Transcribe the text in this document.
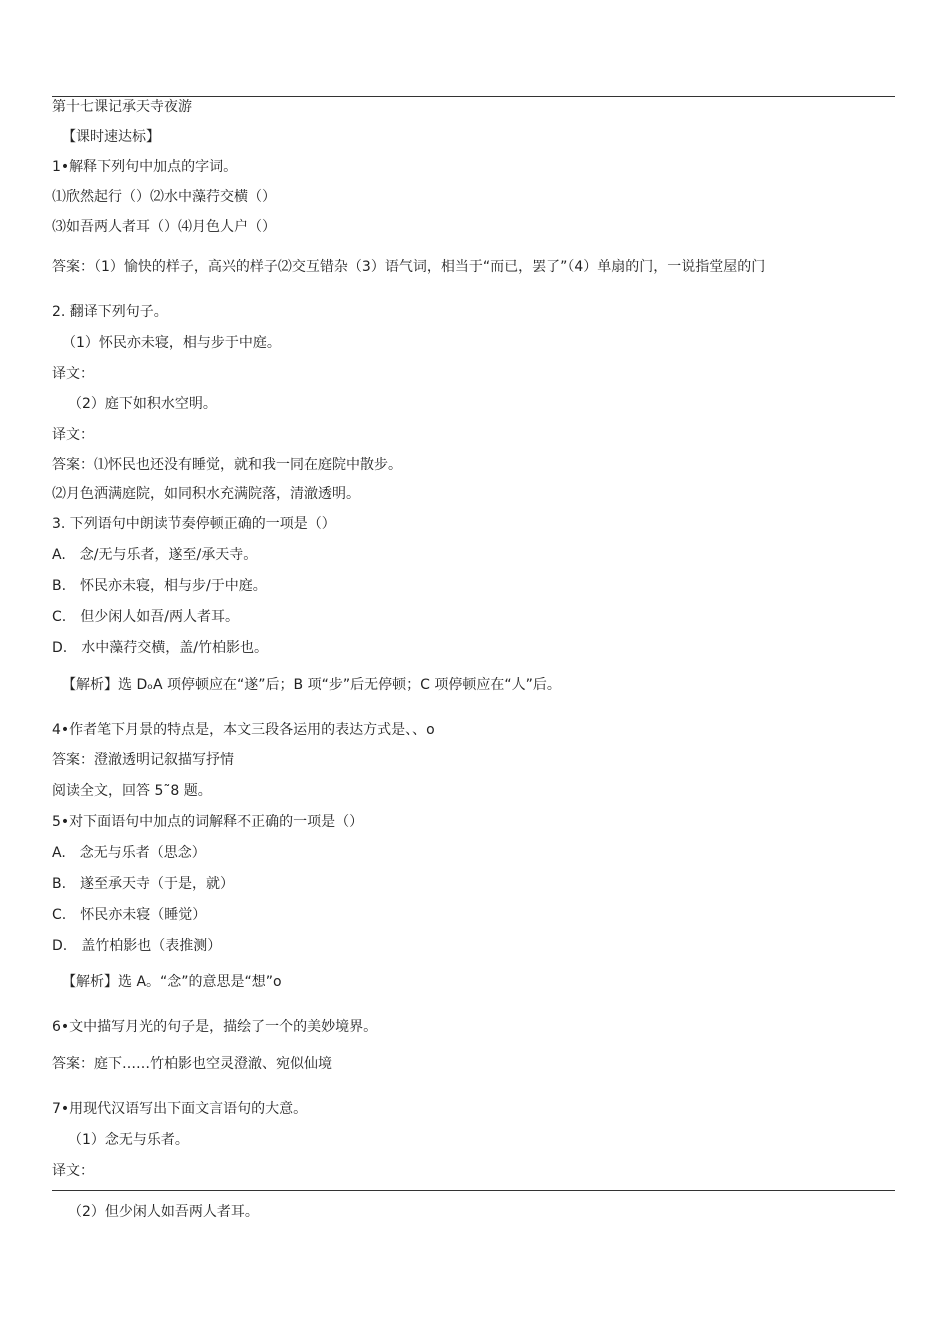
第十七课记承天寺夜游
【课时速达标】
1•解释下列句中加点的字词。
⑴欣然起行（）⑵水中藻荇交横（）
⑶如吾两人者耳（）⑷月色人户（）
答案：（1）愉快的样子，高兴的样子⑵交互错杂（3）语气词，相当于“而已，罢了”（4）单扇的门，一说指堂屋的门
2. 翻译下列句子。
（1）怀民亦未寝，相与步于中庭。
译文：
（2）庭下如积水空明。
译文：
答案：⑴怀民也还没有睡觉，就和我一同在庭院中散步。
⑵月色洒满庭院，如同积水充满院落，清澈透明。
3. 下列语句中朗读节奏停顿正确的一项是（）
A.　念/无与乐者，遂至/承天寺。
B.　怀民亦未寝，相与步/于中庭。
C.　但少闲人如吾/两人者耳。
D.　水中藻荇交横，盖/竹柏影也。
【解析】选 DₒA 项停顿应在“遂”后；B 项“步”后无停顿；C 项停顿应在“人”后。
4•作者笔下月景的特点是，本文三段各运用的表达方式是、、o
答案：澄澈透明记叙描写抒情
阅读全文，回答 5˜8 题。
5•对下面语句中加点的词解释不正确的一项是（）
A.　念无与乐者（思念）
B.　遂至承天寺（于是，就）
C.　怀民亦未寝（睡觉）
D.　盖竹柏影也（表推测）
【解析】选 A。“念”的意思是“想”o
6•文中描写月光的句子是，描绘了一个的美妙境界。
答案：庭下……竹柏影也空灵澄澈、宛似仙境
7•用现代汉语写出下面文言语句的大意。
（1）念无与乐者。
译文：
（2）但少闲人如吾两人者耳。
